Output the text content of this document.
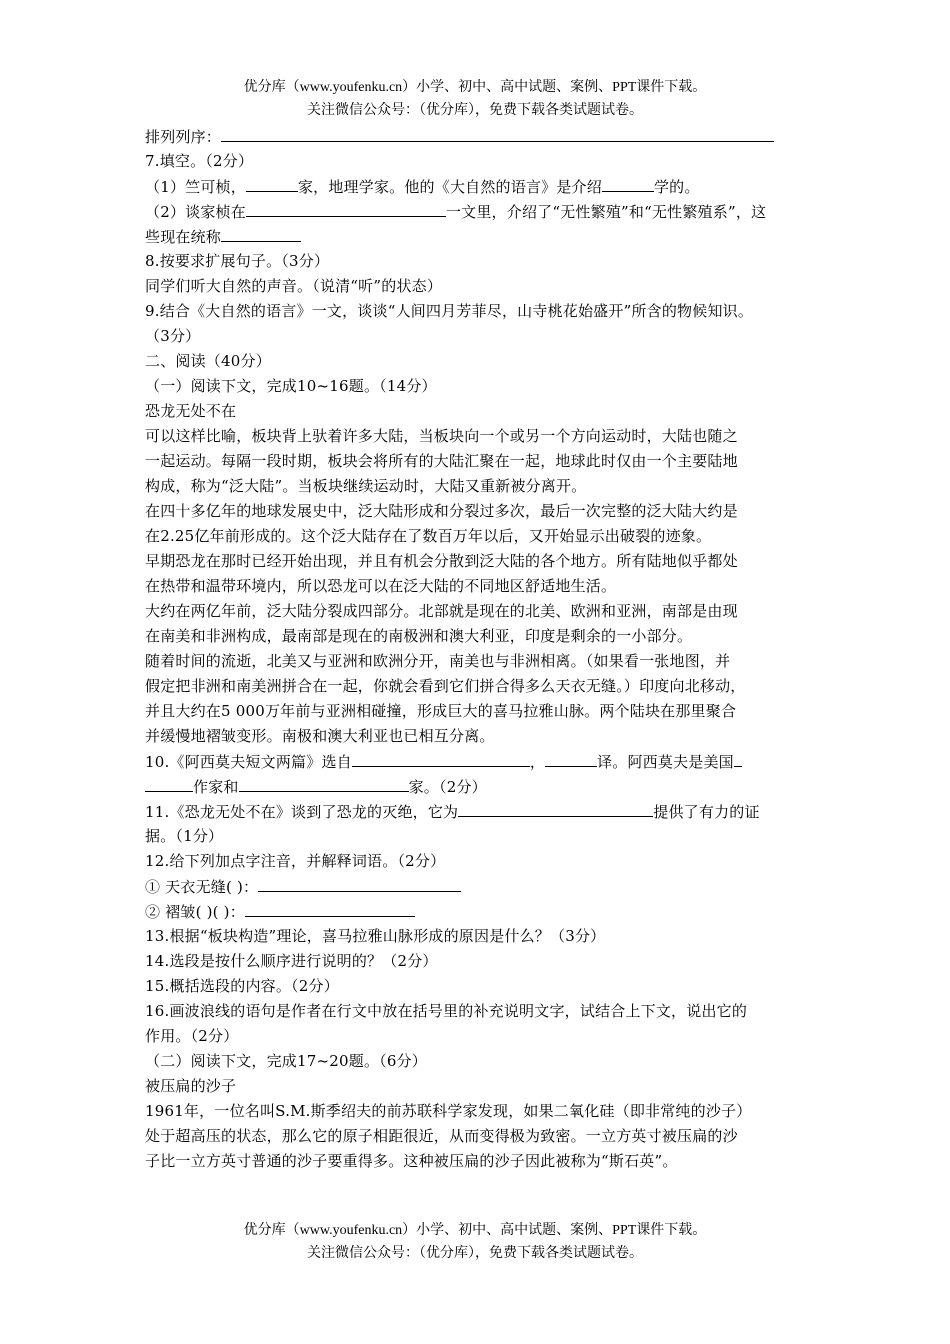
优分库（www.youfenku.cn）小学、初中、高中试题、案例、PPT课件下载。
关注微信公众号：（优分库），免费下载各类试题试卷。
排列列序：
7.填空。（2分）
（1）竺可桢，	家，地理学家。他的《大自然的语言》是介绍	学的。
（2）谈家桢在	一文里，介绍了“无性繁殖”和“无性繁殖系”，这
些现在统称
8.按要求扩展句子。（3分）
同学们听大自然的声音。（说清“听”的状态）
9.结合《大自然的语言》一文，谈谈“人间四月芳菲尽，山寺桃花始盛开”所含的物候知识。
（3分）
二、阅读（40分）
（一）阅读下文，完成10~16题。（14分）
恐龙无处不在
可以这样比喻，板块背上驮着许多大陆，当板块向一个或另一个方向运动时，大陆也随之
一起运动。每隔一段时期，板块会将所有的大陆汇聚在一起，地球此时仅由一个主要陆地
构成，称为“泛大陆”。当板块继续运动时，大陆又重新被分离开。
在四十多亿年的地球发展史中，泛大陆形成和分裂过多次，最后一次完整的泛大陆大约是
在2.25亿年前形成的。这个泛大陆存在了数百万年以后，又开始显示出破裂的迹象。
早期恐龙在那时已经开始出现，并且有机会分散到泛大陆的各个地方。所有陆地似乎都处
在热带和温带环境内，所以恐龙可以在泛大陆的不同地区舒适地生活。
大约在两亿年前，泛大陆分裂成四部分。北部就是现在的北美、欧洲和亚洲，南部是由现
在南美和非洲构成，最南部是现在的南极洲和澳大利亚，印度是剩余的一小部分。
随着时间的流逝，北美又与亚洲和欧洲分开，南美也与非洲相离。（如果看一张地图，并
假定把非洲和南美洲拼合在一起，你就会看到它们拼合得多么天衣无缝。）印度向北移动，
并且大约在5 000万年前与亚洲相碰撞，形成巨大的喜马拉雅山脉。两个陆块在那里聚合
并缓慢地褶皱变形。南极和澳大利亚也已相互分离。
10.《阿西莫夫短文两篇》选自	，	译。阿西莫夫是美国
作家和	家。（2分）
11.《恐龙无处不在》谈到了恐龙的灭绝，它为	提供了有力的证
据。（1分）
12.给下列加点字注音，并解释词语。（2分）
① 天衣无缝( )：
② 褶皱( )( )：
13.根据“板块构造”理论，喜马拉雅山脉形成的原因是什么？（3分）
14.选段是按什么顺序进行说明的？（2分）
15.概括选段的内容。（2分）
16.画波浪线的语句是作者在行文中放在括号里的补充说明文字，试结合上下文，说出它的
作用。（2分）
（二）阅读下文，完成17~20题。（6分）
被压扁的沙子
1961年，一位名叫S.M.斯季绍夫的前苏联科学家发现，如果二氧化硅（即非常纯的沙子）
处于超高压的状态，那么它的原子相距很近，从而变得极为致密。一立方英寸被压扁的沙
子比一立方英寸普通的沙子要重得多。这种被压扁的沙子因此被称为“斯石英”。
优分库（www.youfenku.cn）小学、初中、高中试题、案例、PPT课件下载。
关注微信公众号：（优分库），免费下载各类试题试卷。
